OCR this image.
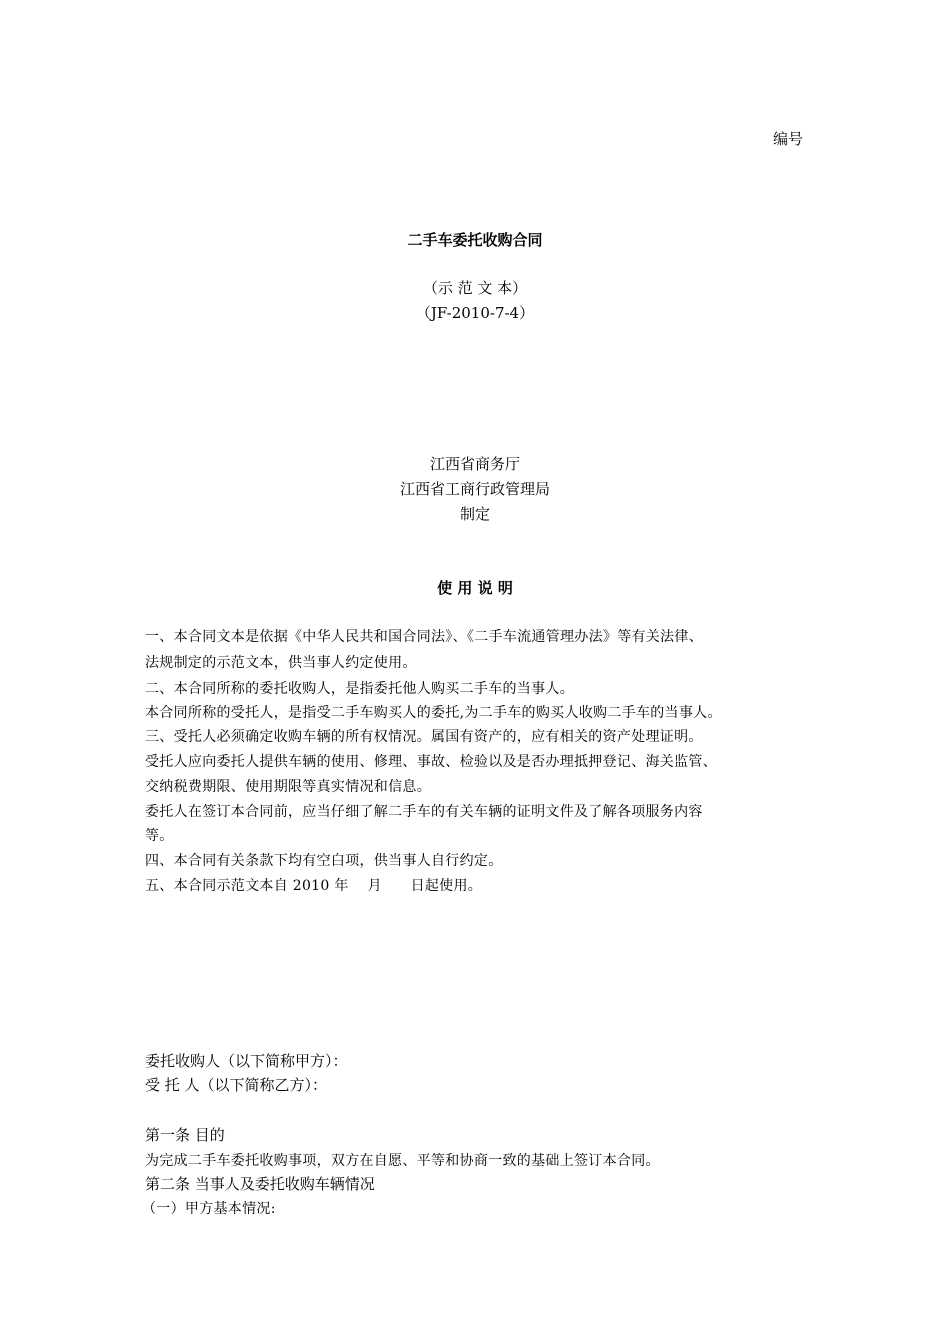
编号
二手车委托收购合同
（示 范 文 本）
（JF-2010-7-4）
江西省商务厅
江西省工商行政管理局
制定
使 用 说 明
一、本合同文本是依据《中华人民共和国合同法》、《二手车流通管理办法》等有关法律、
法规制定的示范文本，供当事人约定使用。
二、本合同所称的委托收购人，是指委托他人购买二手车的当事人。
本合同所称的受托人，是指受二手车购买人的委托,为二手车的购买人收购二手车的当事人。
三、受托人必须确定收购车辆的所有权情况。属国有资产的，应有相关的资产处理证明。
受托人应向委托人提供车辆的使用、修理、事故、检验以及是否办理抵押登记、海关监管、
交纳税费期限、使用期限等真实情况和信息。
委托人在签订本合同前，应当仔细了解二手车的有关车辆的证明文件及了解各项服务内容
等。
四、本合同有关条款下均有空白项，供当事人自行约定。
五、本合同示范文本自 2010 年　 月　　日起使用。
委托收购人（以下简称甲方）：
受 托 人（以下简称乙方）：
第一条 目的
为完成二手车委托收购事项，双方在自愿、平等和协商一致的基础上签订本合同。
第二条 当事人及委托收购车辆情况
（一）甲方基本情况:
